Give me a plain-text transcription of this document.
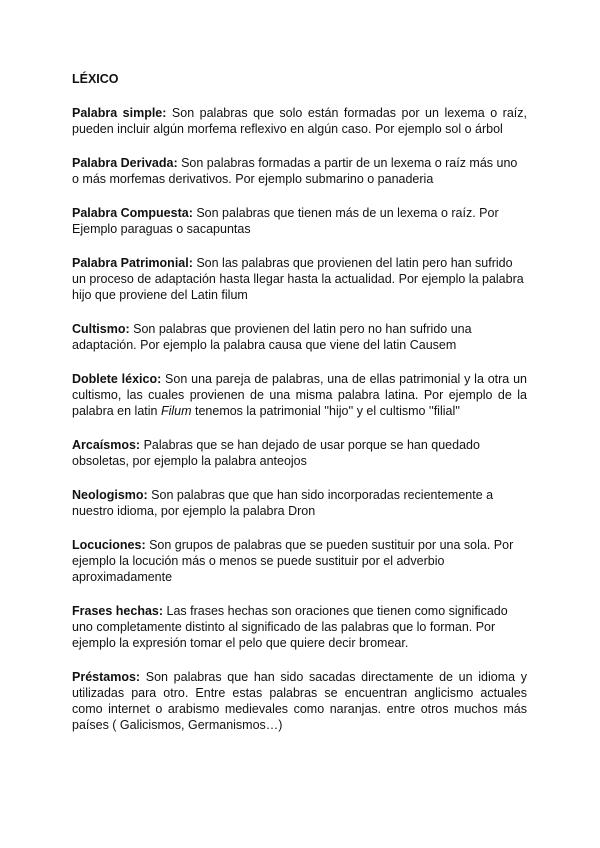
LÉXICO

Palabra simple: Son palabras que solo están formadas por un lexema o raíz, pueden incluir algún morfema reflexivo en algún caso. Por ejemplo sol o árbol

Palabra Derivada: Son palabras formadas a partir de un lexema o raíz más uno o más morfemas derivativos. Por ejemplo submarino o panaderia

Palabra Compuesta: Son palabras que tienen más de un lexema o raíz. Por Ejemplo paraguas o sacapuntas

Palabra Patrimonial: Son las palabras que provienen del latin pero han sufrido un proceso de adaptación hasta llegar hasta la actualidad. Por ejemplo la palabra hijo que proviene del Latin filum

Cultismo: Son palabras que provienen del latin pero no han sufrido una adaptación. Por ejemplo la palabra causa que viene del latin Causem

Doblete léxico: Son una pareja de palabras, una de ellas patrimonial y la otra un cultismo, las cuales provienen de una misma palabra latina. Por ejemplo de la palabra en latin Filum tenemos la patrimonial ''hijo'' y el cultismo ''filial''

Arcaísmos: Palabras que se han dejado de usar porque se han quedado obsoletas, por ejemplo la palabra anteojos

Neologismo: Son palabras que que han sido incorporadas recientemente a nuestro idioma, por ejemplo la palabra Dron

Locuciones: Son grupos de palabras que se pueden sustituir por una sola. Por ejemplo la locución más o menos se puede sustituir por el adverbio aproximadamente

Frases hechas: Las frases hechas son oraciones que tienen como significado uno completamente distinto al significado de las palabras que lo forman. Por ejemplo la expresión tomar el pelo que quiere decir bromear.

Préstamos: Son palabras que han sido sacadas directamente de un idioma y utilizadas para otro. Entre estas palabras se encuentran anglicismo actuales como internet o arabismo medievales como naranjas. entre otros muchos más países ( Galicismos, Germanismos…)
